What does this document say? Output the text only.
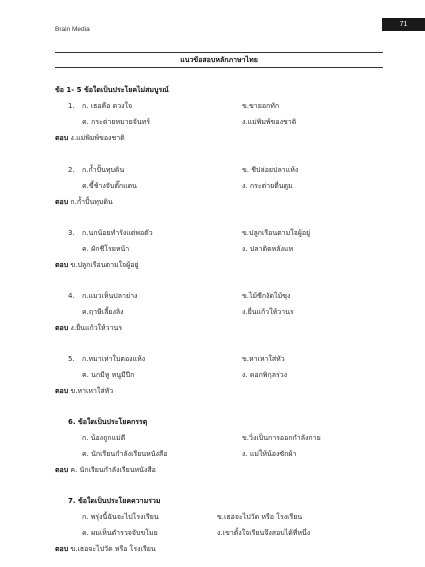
71
Brain Media
แนวข้อสอบหลักภาษาไทย
ข้อ 1- 5 ข้อใดเป็นประโยคไม่สมบูรณ์
1. ก. เธอคือ ดวงใจ	ข.ขายอกทัก
ค. กระต่ายหมายจันทร์	ง.แม่พิมพ์ของชาติ
ตอบ ง.แม่พิมพ์ของชาติ
2. ก.ก้ำปั้นทุบดิน	ข. ชีปล่อยปลาแห้ง
ค.ขี้ช้างจับตั๊กแตน	ง. กระต่ายตื่นตูม
ตอบ ก.ก้ำปั้นทุบดิน
3. ก.นกน้อยทำรังแต่พอตัว	ข.ปลูกเรือนตามใจผู้อยู่
ค. ผักชีโรยหน้า	ง. ปลาติดหลังแห
ตอบ ข.ปลูกเรือนตามใจผู้อยู่
4. ก.แมวเห็นปลาย่าง	ข.ไม้ซีกงัดไม้ซุง
ค.ฤาษีเลี้ยงลิง	ง.ยื่นแก้วให้วานร
ตอบ ง.ยื่นแก้วให้วานร
5. ก.หมาเห่าใบตองแห้ง	ข.หาเหาใส่หัว
ค. นกมีหู หนูมีปีก	ง. ดอกพิกุลร่วง
ตอบ ข.หาเหาใส่หัว
6. ข้อใดเป็นประโยคกรรตุ
ก. น้องถูกแม่ตี	ข.วิ่งเป็นการออกกำลังกาย
ค. นักเรียนกำลังเรียนหนังสือ	ง. แม่ให้น้องซักผ้า
ตอบ ค. นักเรียนกำลังเรียนหนังสือ
7. ข้อใดเป็นประโยคความรวม
ก. พรุ่งนี้ฉันจะไปโรงเรียน	ข.เธอจะไปวัด หรือ โรงเรียน
ค. ผมเห็นตำรวจจับขโมย	ง.เขาตั้งใจเรียนจึงสอบได้ที่หนึ่ง
ตอบ ข.เธอจะไปวัด หรือ โรงเรียน
